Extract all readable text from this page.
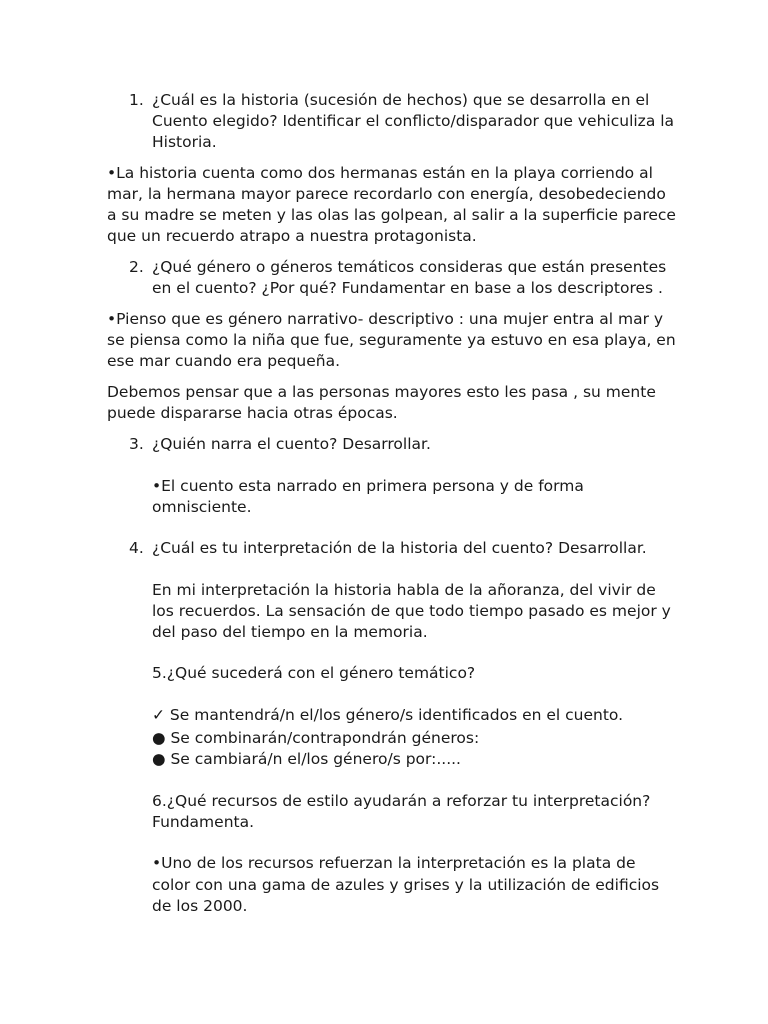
1. ¿Cuál es la historia (sucesión de hechos) que se desarrolla en el
Cuento elegido? Identificar el conflicto/disparador que vehiculiza la
Historia.
•La historia cuenta como dos hermanas están en la playa corriendo al
mar, la hermana mayor parece recordarlo con energía, desobedeciendo
a su madre se meten y las olas las golpean, al salir a la superficie parece
que un recuerdo atrapo a nuestra protagonista.
2. ¿Qué género o géneros temáticos consideras que están presentes
en el cuento? ¿Por qué? Fundamentar en base a los descriptores .
•Pienso que es género narrativo- descriptivo : una mujer entra al mar y
se piensa como la niña que fue, seguramente ya estuvo en esa playa, en
ese mar cuando era pequeña.
Debemos pensar que a las personas mayores esto les pasa , su mente
puede dispararse hacia otras épocas.
3. ¿Quién narra el cuento? Desarrollar.
•El cuento esta narrado en primera persona y de forma
omnisciente.
4. ¿Cuál es tu interpretación de la historia del cuento? Desarrollar.
En mi interpretación la historia habla de la añoranza, del vivir de
los recuerdos. La sensación de que todo tiempo pasado es mejor y
del paso del tiempo en la memoria.
5.¿Qué sucederá con el género temático?
✓ Se mantendrá/n el/los género/s identificados en el cuento.
● Se combinarán/contrapondrán géneros:
● Se cambiará/n el/los género/s por:.....
6.¿Qué recursos de estilo ayudarán a reforzar tu interpretación?
Fundamenta.
•Uno de los recursos refuerzan la interpretación es la plata de
color con una gama de azules y grises y la utilización de edificios
de los 2000.
